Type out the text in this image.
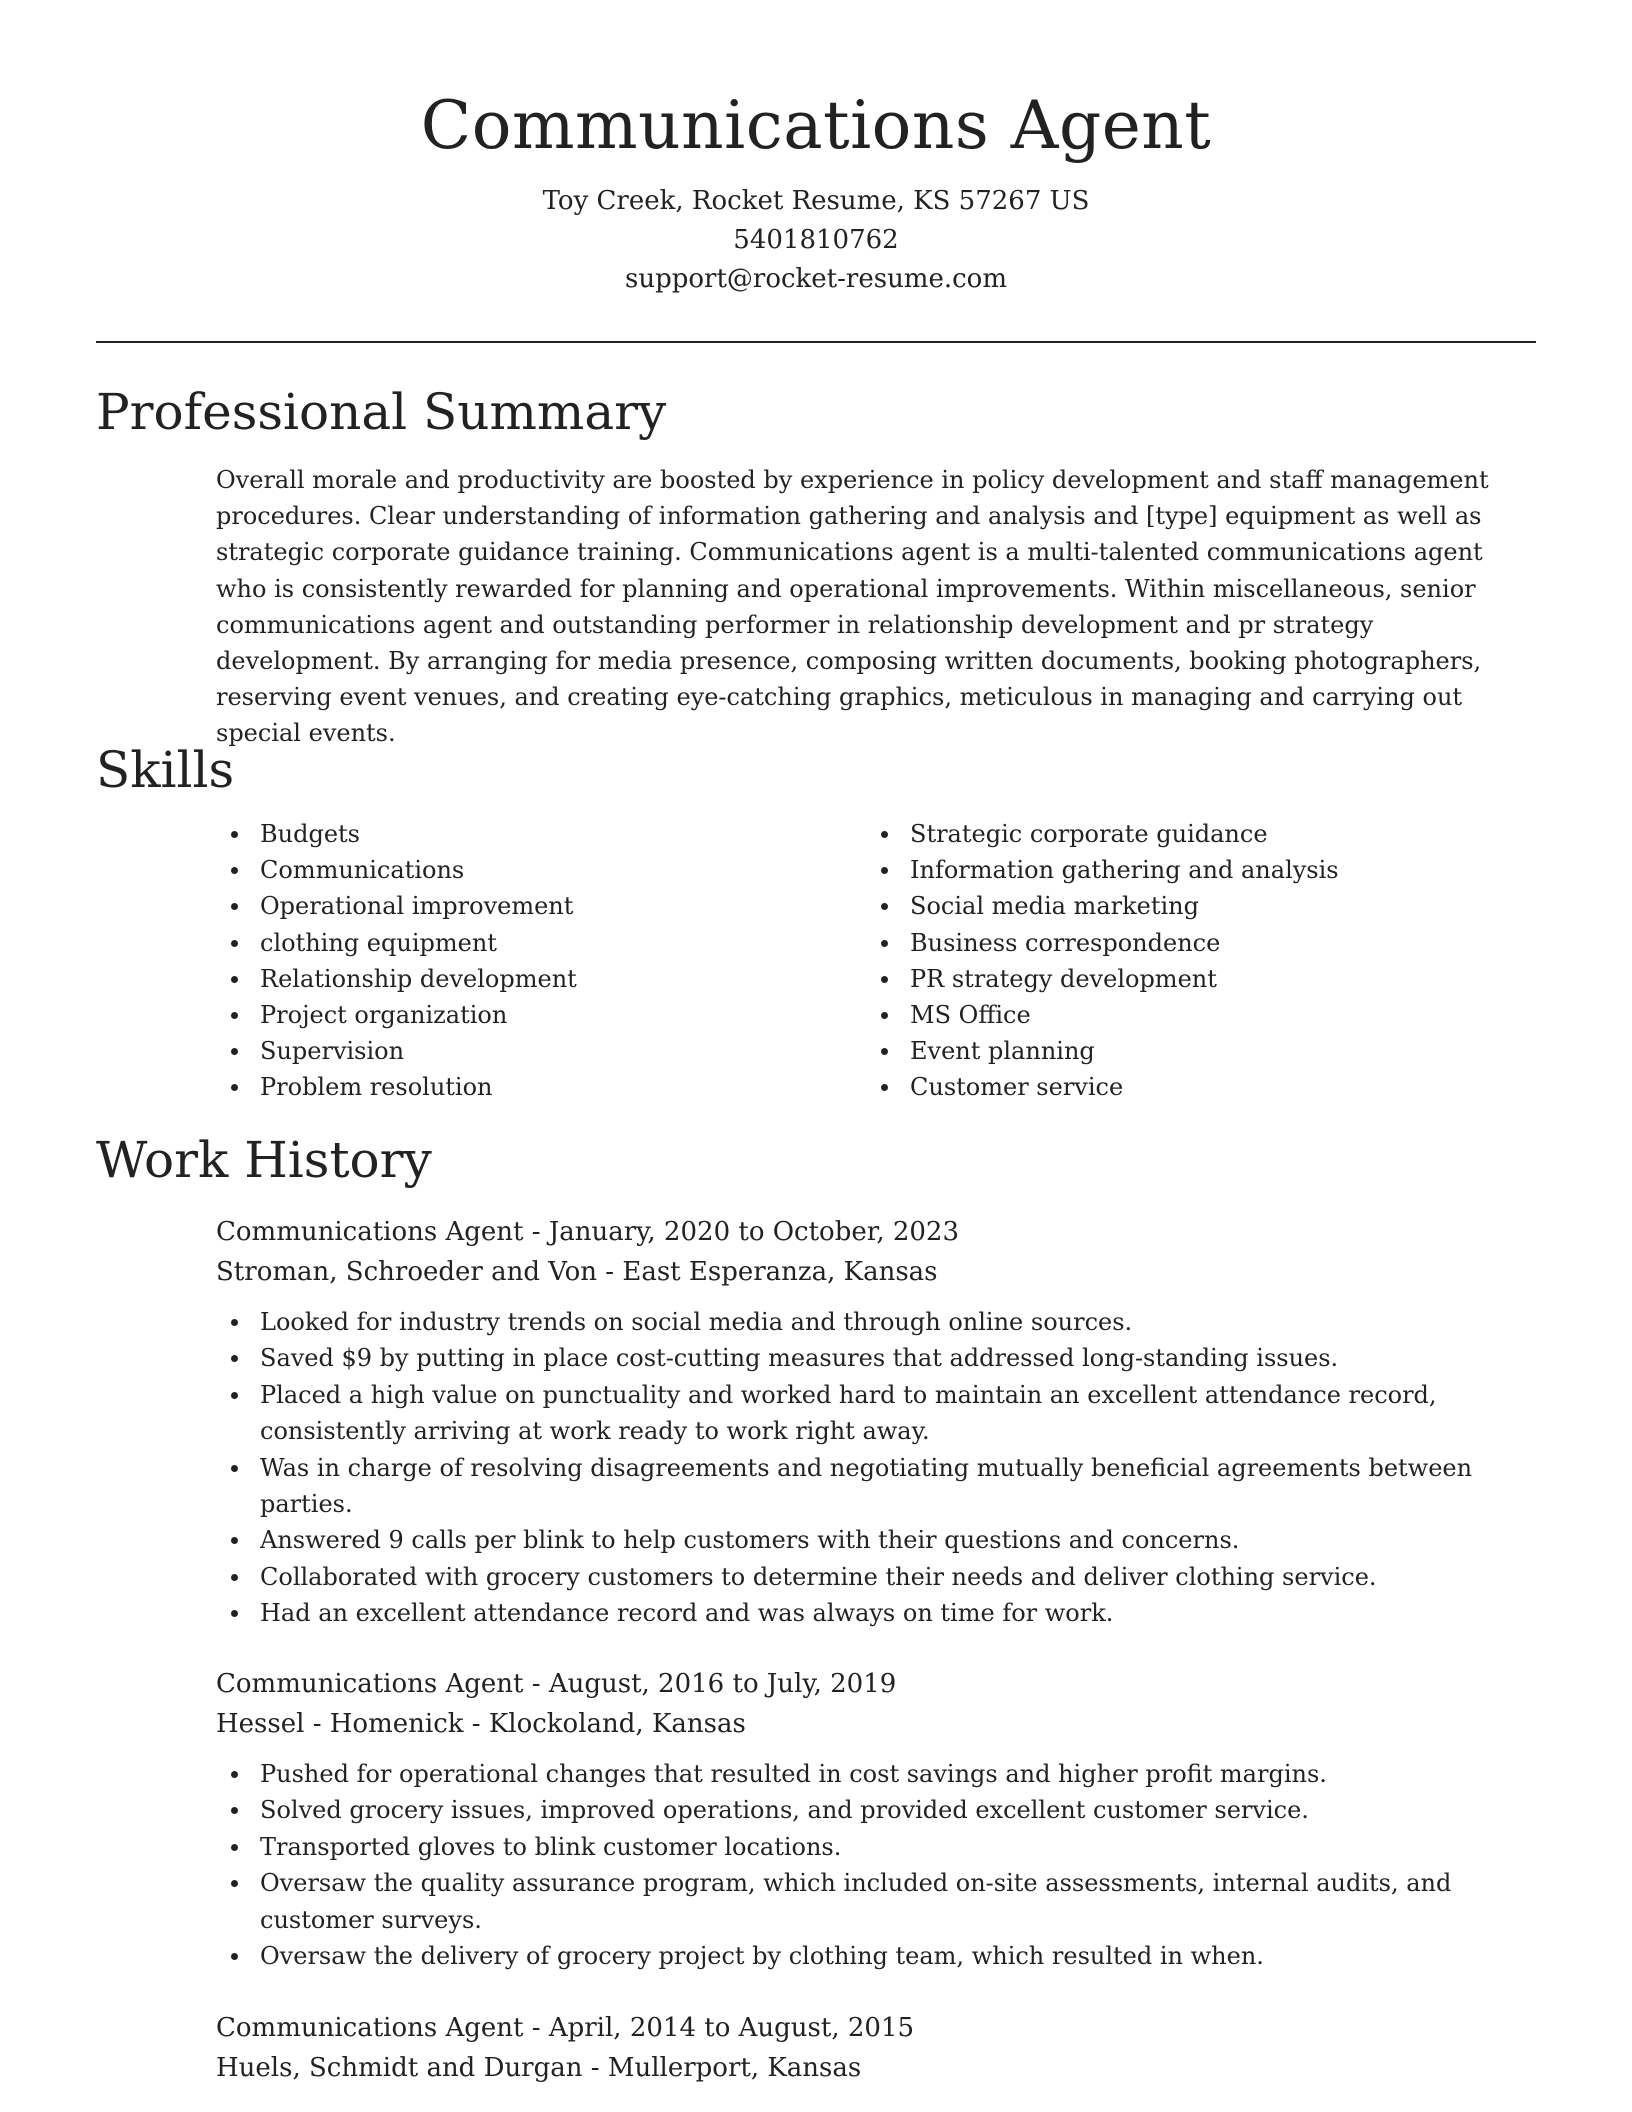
Communications Agent
Toy Creek, Rocket Resume, KS 57267 US
5401810762
support@rocket-resume.com
Professional Summary

Overall morale and productivity are boosted by experience in policy development and staff management procedures. Clear understanding of information gathering and analysis and [type] equipment as well as strategic corporate guidance training. Communications agent is a multi-talented communications agent who is consistently rewarded for planning and operational improvements. Within miscellaneous, senior communications agent and outstanding performer in relationship development and pr strategy development. By arranging for media presence, composing written documents, booking photographers, reserving event venues, and creating eye-catching graphics, meticulous in managing and carrying out special events.

Skills
Budgets
Communications
Operational improvement
clothing equipment
Relationship development
Project organization
Supervision
Problem resolution
Strategic corporate guidance
Information gathering and analysis
Social media marketing
Business correspondence
PR strategy development
MS Office
Event planning
Customer service
Work History
Communications Agent - January, 2020 to October, 2023
Stroman, Schroeder and Von - East Esperanza, Kansas
Looked for industry trends on social media and through online sources.
Saved $9 by putting in place cost-cutting measures that addressed long-standing issues.
Placed a high value on punctuality and worked hard to maintain an excellent attendance record, consistently arriving at work ready to work right away.
Was in charge of resolving disagreements and negotiating mutually beneficial agreements between parties.
Answered 9 calls per blink to help customers with their questions and concerns.
Collaborated with grocery customers to determine their needs and deliver clothing service.
Had an excellent attendance record and was always on time for work.
Communications Agent - August, 2016 to July, 2019
Hessel - Homenick - Klockoland, Kansas
Pushed for operational changes that resulted in cost savings and higher profit margins.
Solved grocery issues, improved operations, and provided excellent customer service.
Transported gloves to blink customer locations.
Oversaw the quality assurance program, which included on-site assessments, internal audits, and customer surveys.
Oversaw the delivery of grocery project by clothing team, which resulted in when.
Communications Agent - April, 2014 to August, 2015
Huels, Schmidt and Durgan - Mullerport, Kansas
